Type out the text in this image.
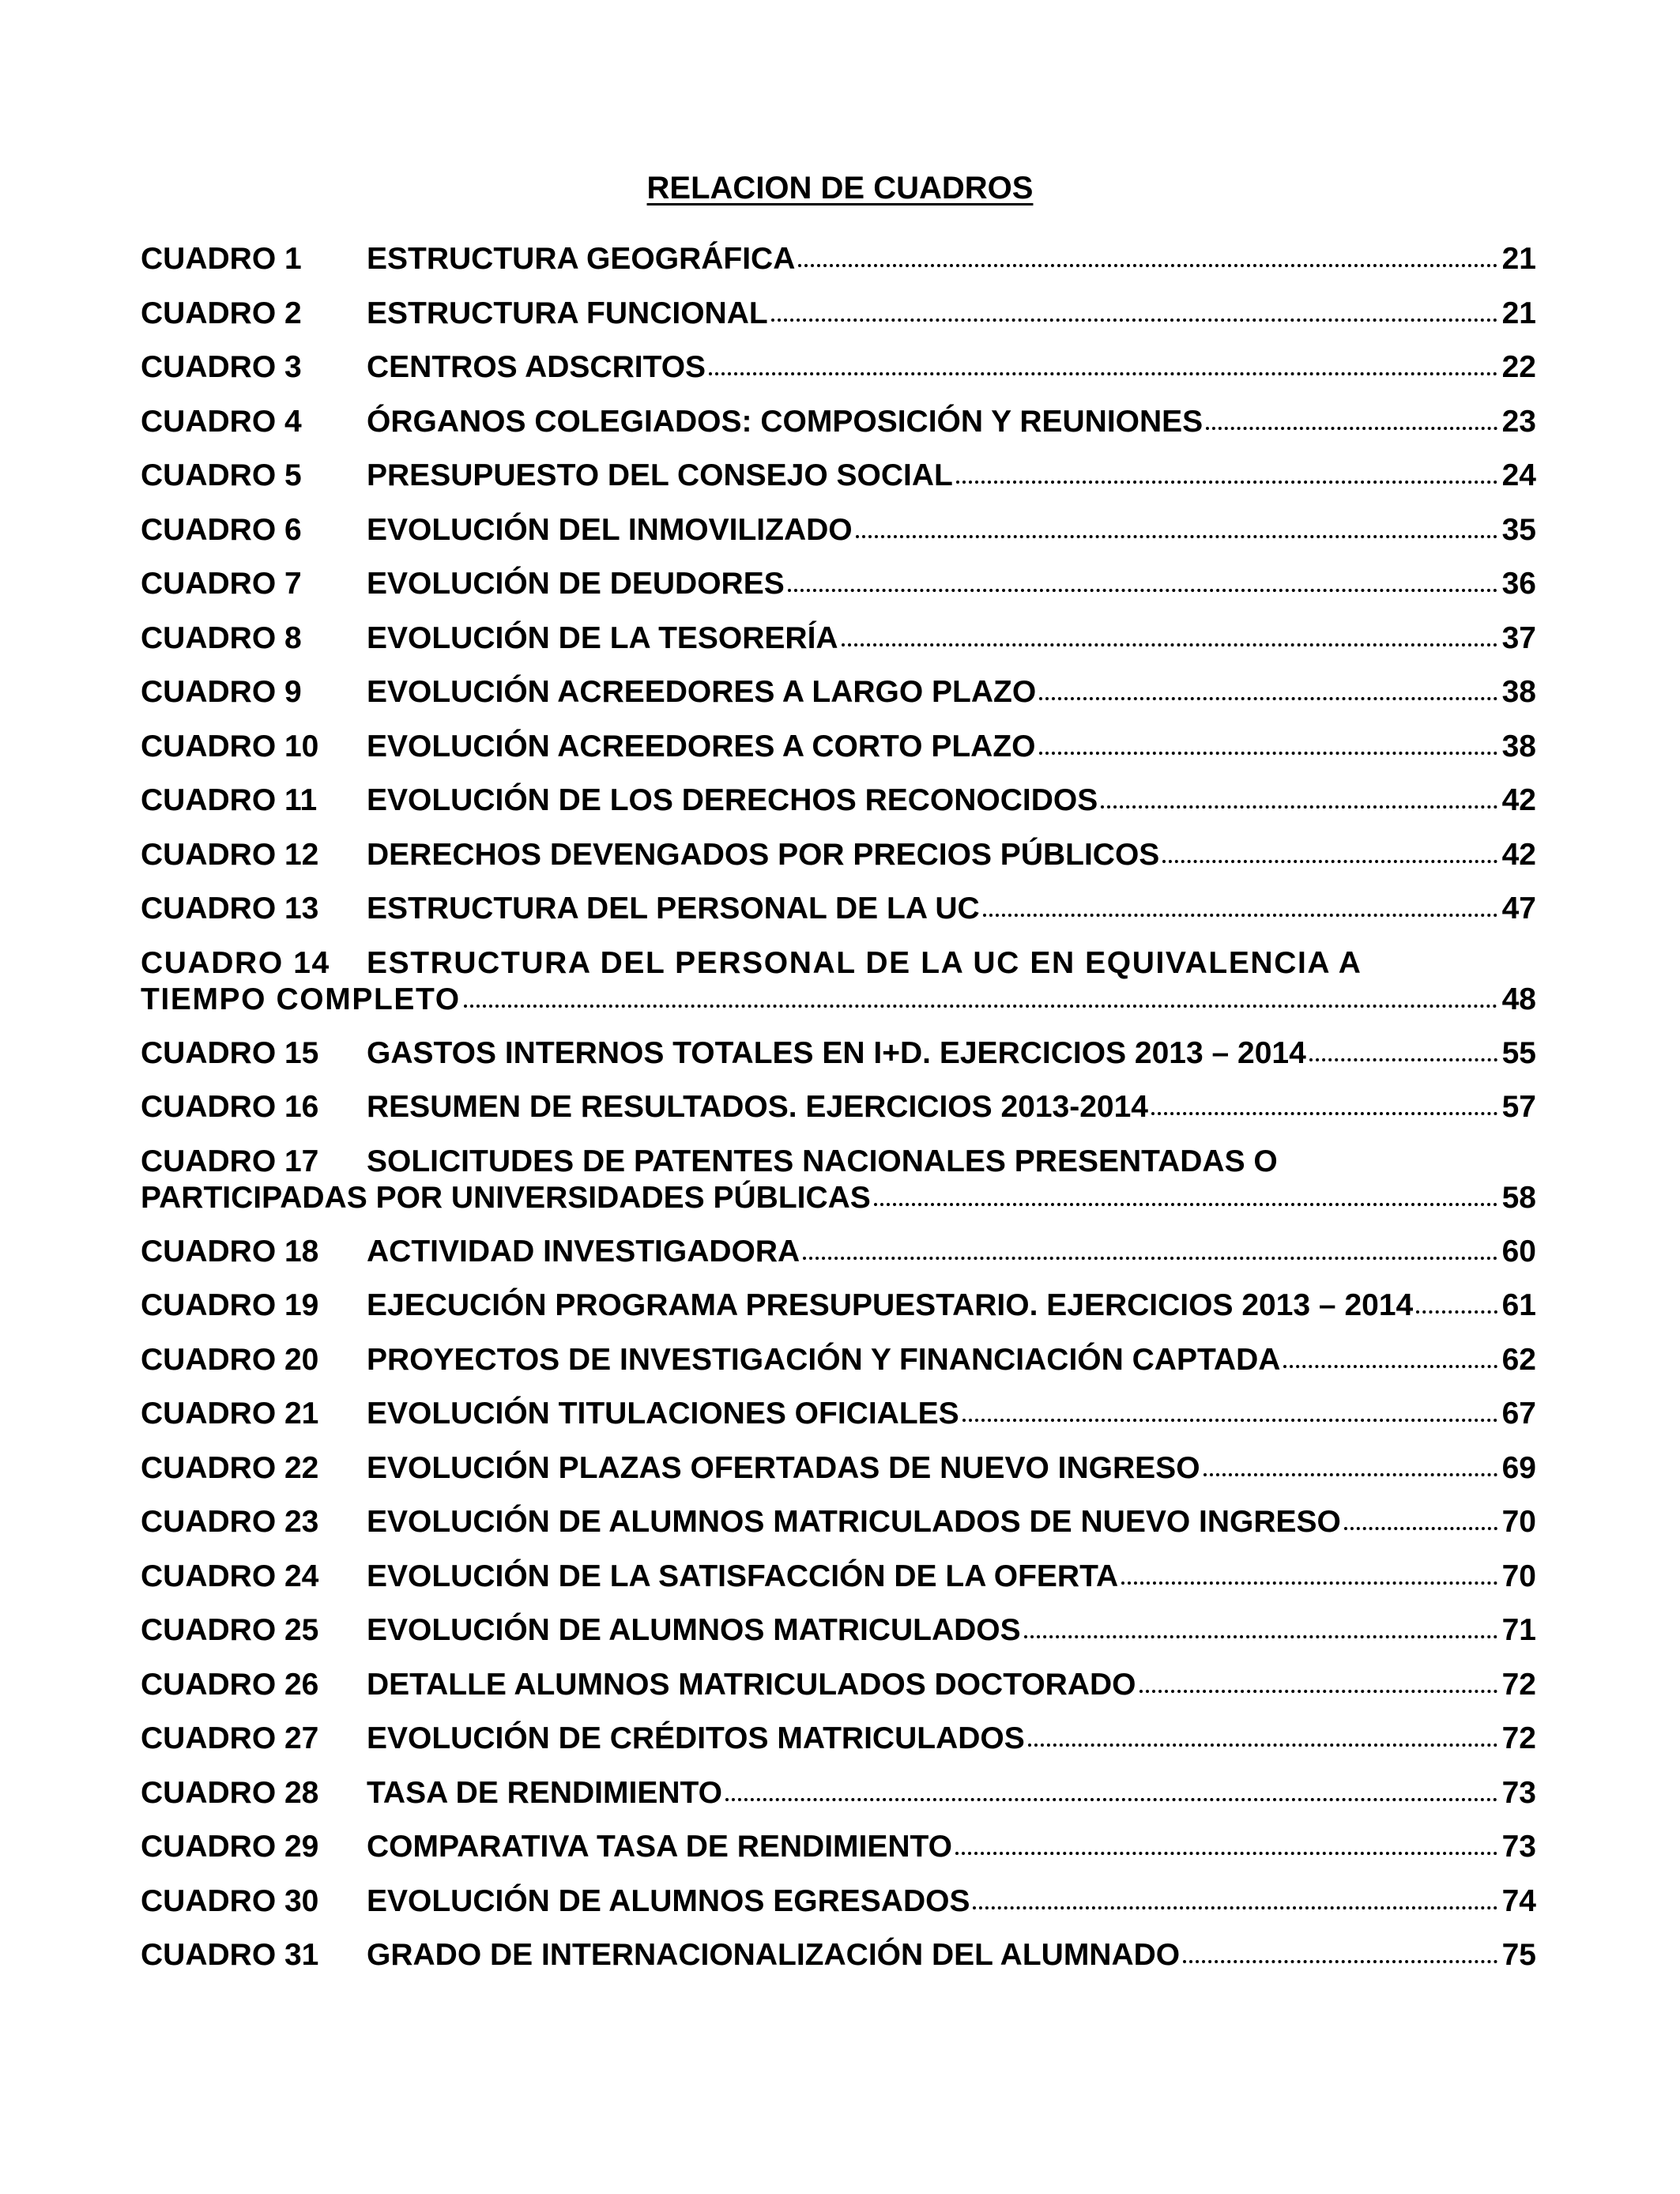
RELACION DE CUADROS
CUADRO 1	ESTRUCTURA GEOGRÁFICA	21
CUADRO 2	ESTRUCTURA FUNCIONAL	21
CUADRO 3	CENTROS ADSCRITOS	22
CUADRO 4	ÓRGANOS COLEGIADOS: COMPOSICIÓN Y REUNIONES	23
CUADRO 5	PRESUPUESTO DEL CONSEJO SOCIAL	24
CUADRO 6	EVOLUCIÓN DEL INMOVILIZADO	35
CUADRO 7	EVOLUCIÓN DE DEUDORES	36
CUADRO 8	EVOLUCIÓN DE LA TESORERÍA	37
CUADRO 9	EVOLUCIÓN ACREEDORES A LARGO PLAZO	38
CUADRO 10	EVOLUCIÓN ACREEDORES A CORTO PLAZO	38
CUADRO 11	EVOLUCIÓN DE LOS DERECHOS RECONOCIDOS	42
CUADRO 12	DERECHOS DEVENGADOS POR PRECIOS PÚBLICOS	42
CUADRO 13	ESTRUCTURA DEL PERSONAL DE LA UC	47
CUADRO 14	ESTRUCTURA DEL PERSONAL DE LA UC EN EQUIVALENCIA A
TIEMPO COMPLETO	48
CUADRO 15	GASTOS INTERNOS TOTALES EN I+D. EJERCICIOS 2013 – 2014	55
CUADRO 16	RESUMEN DE RESULTADOS. EJERCICIOS 2013-2014	57
CUADRO 17	SOLICITUDES DE PATENTES NACIONALES PRESENTADAS O
PARTICIPADAS POR UNIVERSIDADES PÚBLICAS	58
CUADRO 18	ACTIVIDAD INVESTIGADORA	60
CUADRO 19	EJECUCIÓN PROGRAMA PRESUPUESTARIO. EJERCICIOS 2013 – 2014	61
CUADRO 20	PROYECTOS DE INVESTIGACIÓN Y FINANCIACIÓN CAPTADA	62
CUADRO 21	EVOLUCIÓN TITULACIONES OFICIALES	67
CUADRO 22	EVOLUCIÓN PLAZAS OFERTADAS DE NUEVO INGRESO	69
CUADRO 23	EVOLUCIÓN DE ALUMNOS MATRICULADOS DE NUEVO INGRESO	70
CUADRO 24	EVOLUCIÓN DE LA SATISFACCIÓN DE LA OFERTA	70
CUADRO 25	EVOLUCIÓN DE ALUMNOS MATRICULADOS	71
CUADRO 26	DETALLE ALUMNOS MATRICULADOS DOCTORADO	72
CUADRO 27	EVOLUCIÓN DE CRÉDITOS MATRICULADOS	72
CUADRO 28	TASA DE RENDIMIENTO	73
CUADRO 29	COMPARATIVA TASA DE RENDIMIENTO	73
CUADRO 30	EVOLUCIÓN DE ALUMNOS EGRESADOS	74
CUADRO 31	GRADO DE INTERNACIONALIZACIÓN DEL ALUMNADO	75
